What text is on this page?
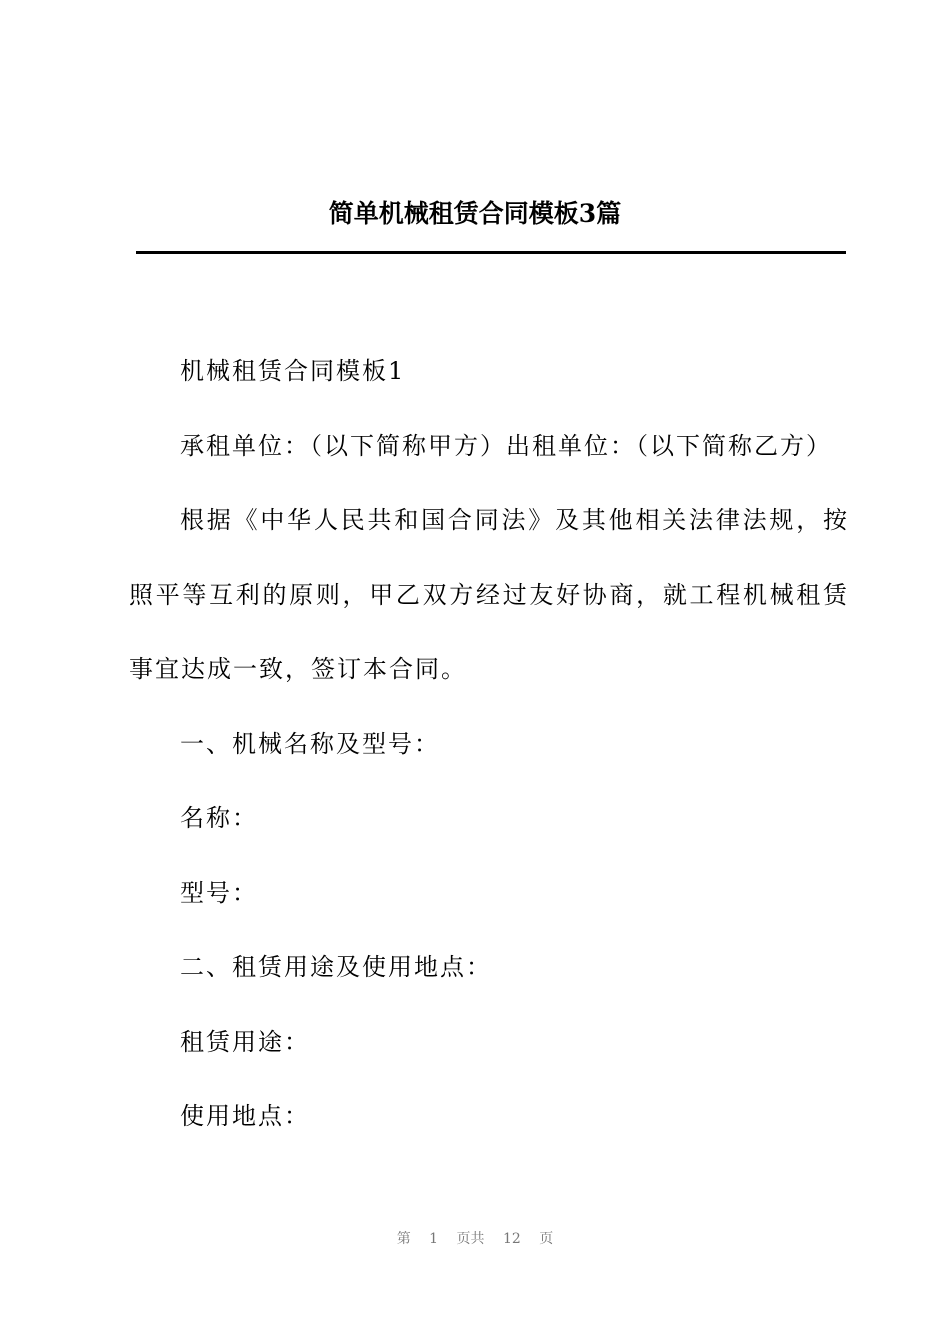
简单机械租赁合同模板3篇

机械租赁合同模板1

承租单位：（以下简称甲方）出租单位：（以下简称乙方）

根据《中华人民共和国合同法》及其他相关法律法规，按照平等互利的原则，甲乙双方经过友好协商，就工程机械租赁事宜达成一致，签订本合同。

一、机械名称及型号：

名称：

型号：

二、租赁用途及使用地点：

租赁用途：

使用地点：

第 1 页共 12 页
